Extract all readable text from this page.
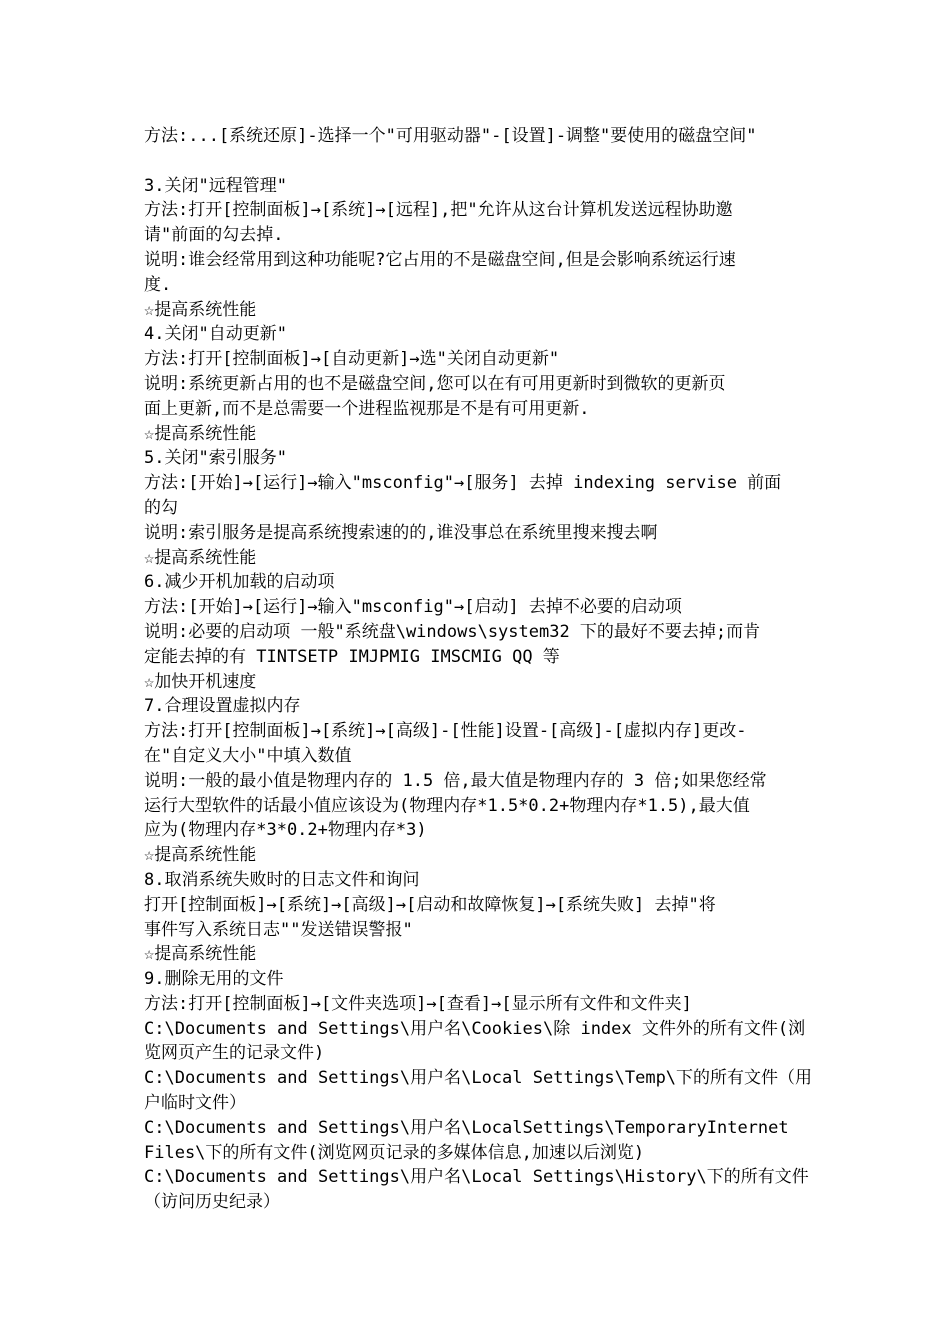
方法:...[系统还原]-选择一个"可用驱动器"-[设置]-调整"要使用的磁盘空间"
3.关闭"远程管理"
方法:打开[控制面板]→[系统]→[远程],把"允许从这台计算机发送远程协助邀
请"前面的勾去掉.
说明:谁会经常用到这种功能呢?它占用的不是磁盘空间,但是会影响系统运行速
度.
☆提高系统性能
4.关闭"自动更新"
方法:打开[控制面板]→[自动更新]→选"关闭自动更新"
说明:系统更新占用的也不是磁盘空间,您可以在有可用更新时到微软的更新页
面上更新,而不是总需要一个进程监视那是不是有可用更新.
☆提高系统性能
5.关闭"索引服务"
方法:[开始]→[运行]→输入"msconfig"→[服务] 去掉 indexing servise 前面
的勾
说明:索引服务是提高系统搜索速的的,谁没事总在系统里搜来搜去啊
☆提高系统性能
6.减少开机加载的启动项
方法:[开始]→[运行]→输入"msconfig"→[启动] 去掉不必要的启动项
说明:必要的启动项 一般"系统盘\windows\system32 下的最好不要去掉;而肯
定能去掉的有 TINTSETP IMJPMIG IMSCMIG QQ 等
☆加快开机速度
7.合理设置虚拟内存
方法:打开[控制面板]→[系统]→[高级]-[性能]设置-[高级]-[虚拟内存]更改-
在"自定义大小"中填入数值
说明:一般的最小值是物理内存的 1.5 倍,最大值是物理内存的 3 倍;如果您经常
运行大型软件的话最小值应该设为(物理内存*1.5*0.2+物理内存*1.5),最大值
应为(物理内存*3*0.2+物理内存*3)
☆提高系统性能
8.取消系统失败时的日志文件和询问
打开[控制面板]→[系统]→[高级]→[启动和故障恢复]→[系统失败] 去掉"将
事件写入系统日志""发送错误警报"
☆提高系统性能
9.删除无用的文件
方法:打开[控制面板]→[文件夹选项]→[查看]→[显示所有文件和文件夹]
C:\Documents and Settings\用户名\Cookies\除 index 文件外的所有文件(浏
览网页产生的记录文件)
C:\Documents and Settings\用户名\Local Settings\Temp\下的所有文件（用
户临时文件）
C:\Documents and Settings\用户名\LocalSettings\TemporaryInternet
Files\下的所有文件(浏览网页记录的多媒体信息,加速以后浏览)
C:\Documents and Settings\用户名\Local Settings\History\下的所有文件
（访问历史纪录）
